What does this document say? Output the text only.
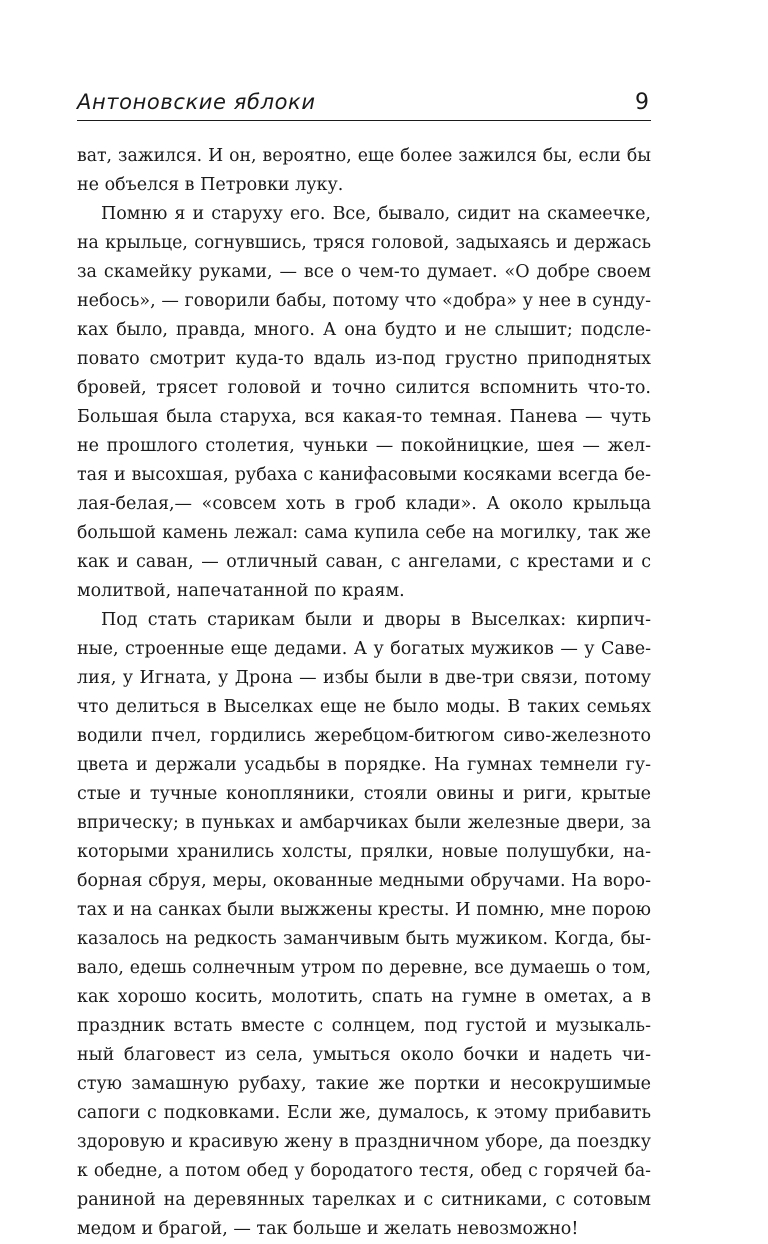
Антоновские яблоки	9

ват, зажился. И он, вероятно, еще более зажился бы, если бы
не объелся в Петровки луку.

Помню я и старуху его. Все, бывало, сидит на скамеечке,
на крыльце, согнувшись, тряся головой, задыхаясь и держась
за скамейку руками, — все о чем-то думает. «О добре своем
небось», — говорили бабы, потому что «добра» у нее в сунду-
ках было, правда, много. А она будто и не слышит; подсле-
повато смотрит куда-то вдаль из-под грустно приподнятых
бровей, трясет головой и точно силится вспомнить что-то.
Большая была старуха, вся какая-то темная. Панева — чуть
не прошлого столетия, чуньки — покойницкие, шея — жел-
тая и высохшая, рубаха с канифасовыми косяками всегда бе-
лая-белая,— «совсем хоть в гроб клади». А около крыльца
большой камень лежал: сама купила себе на могилку, так же
как и саван, — отличный саван, с ангелами, с крестами и с
молитвой, напечатанной по краям.

Под стать старикам были и дворы в Выселках: кирпич-
ные, строенные еще дедами. А у богатых мужиков — у Саве-
лия, у Игната, у Дрона — избы были в две-три связи, потому
что делиться в Выселках еще не было моды. В таких семьях
водили пчел, гордились жеребцом-битюгом сиво-железното
цвета и держали усадьбы в порядке. На гумнах темнели гу-
стые и тучные конопляники, стояли овины и риги, крытые
вприческу; в пуньках и амбарчиках были железные двери, за
которыми хранились холсты, прялки, новые полушубки, на-
борная сбруя, меры, окованные медными обручами. На воро-
тах и на санках были выжжены кресты. И помню, мне порою
казалось на редкость заманчивым быть мужиком. Когда, бы-
вало, едешь солнечным утром по деревне, все думаешь о том,
как хорошо косить, молотить, спать на гумне в ометах, а в
праздник встать вместе с солнцем, под густой и музыкаль-
ный благовест из села, умыться около бочки и надеть чи-
стую замашную рубаху, такие же портки и несокрушимые
сапоги с подковками. Если же, думалось, к этому прибавить
здоровую и красивую жену в праздничном уборе, да поездку
к обедне, а потом обед у бородатого тестя, обед с горячей ба-
раниной на деревянных тарелках и с ситниками, с сотовым
медом и брагой, — так больше и желать невозможно!
